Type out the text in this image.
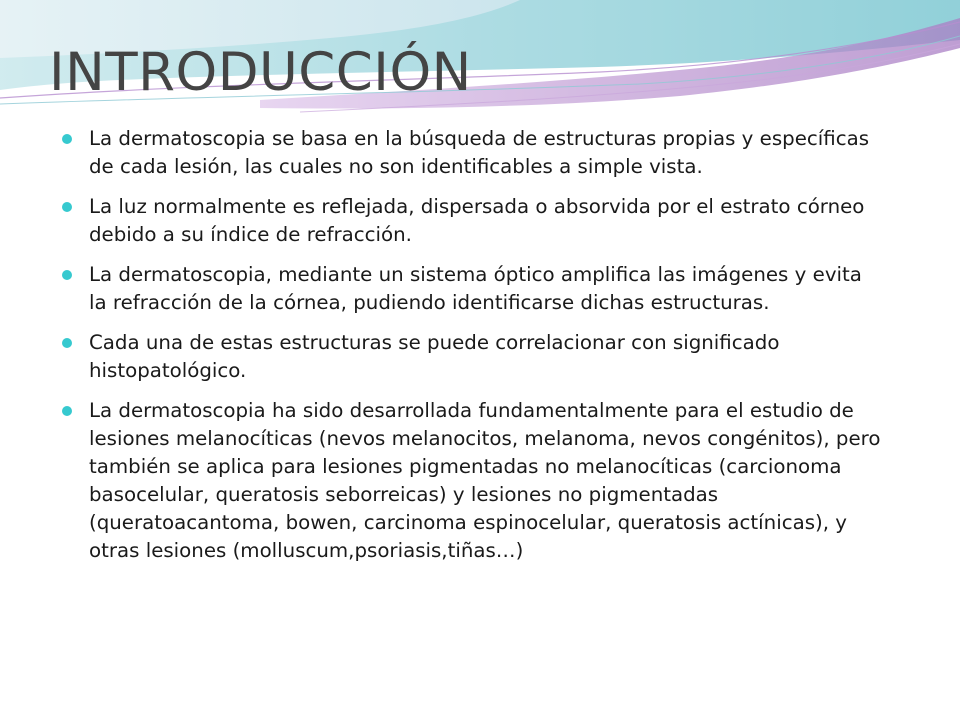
INTRODUCCIÓN
La dermatoscopia se basa en la búsqueda de estructuras propias y específicas de cada lesión, las cuales no son identificables a simple vista.
La luz normalmente es reflejada, dispersada o absorvida por el estrato córneo debido a su índice de refracción.
La dermatoscopia, mediante un sistema óptico amplifica las imágenes y evita la refracción de la córnea, pudiendo identificarse dichas estructuras.
Cada una de estas estructuras se puede correlacionar con significado histopatológico.
La dermatoscopia ha sido desarrollada fundamentalmente para el estudio de lesiones melanocíticas (nevos melanocitos, melanoma, nevos congénitos), pero también se aplica para lesiones pigmentadas no melanocíticas (carcionoma basocelular, queratosis seborreicas) y lesiones no pigmentadas (queratoacantoma, bowen, carcinoma espinocelular, queratosis actínicas), y otras lesiones (molluscum,psoriasis,tiñas…)
